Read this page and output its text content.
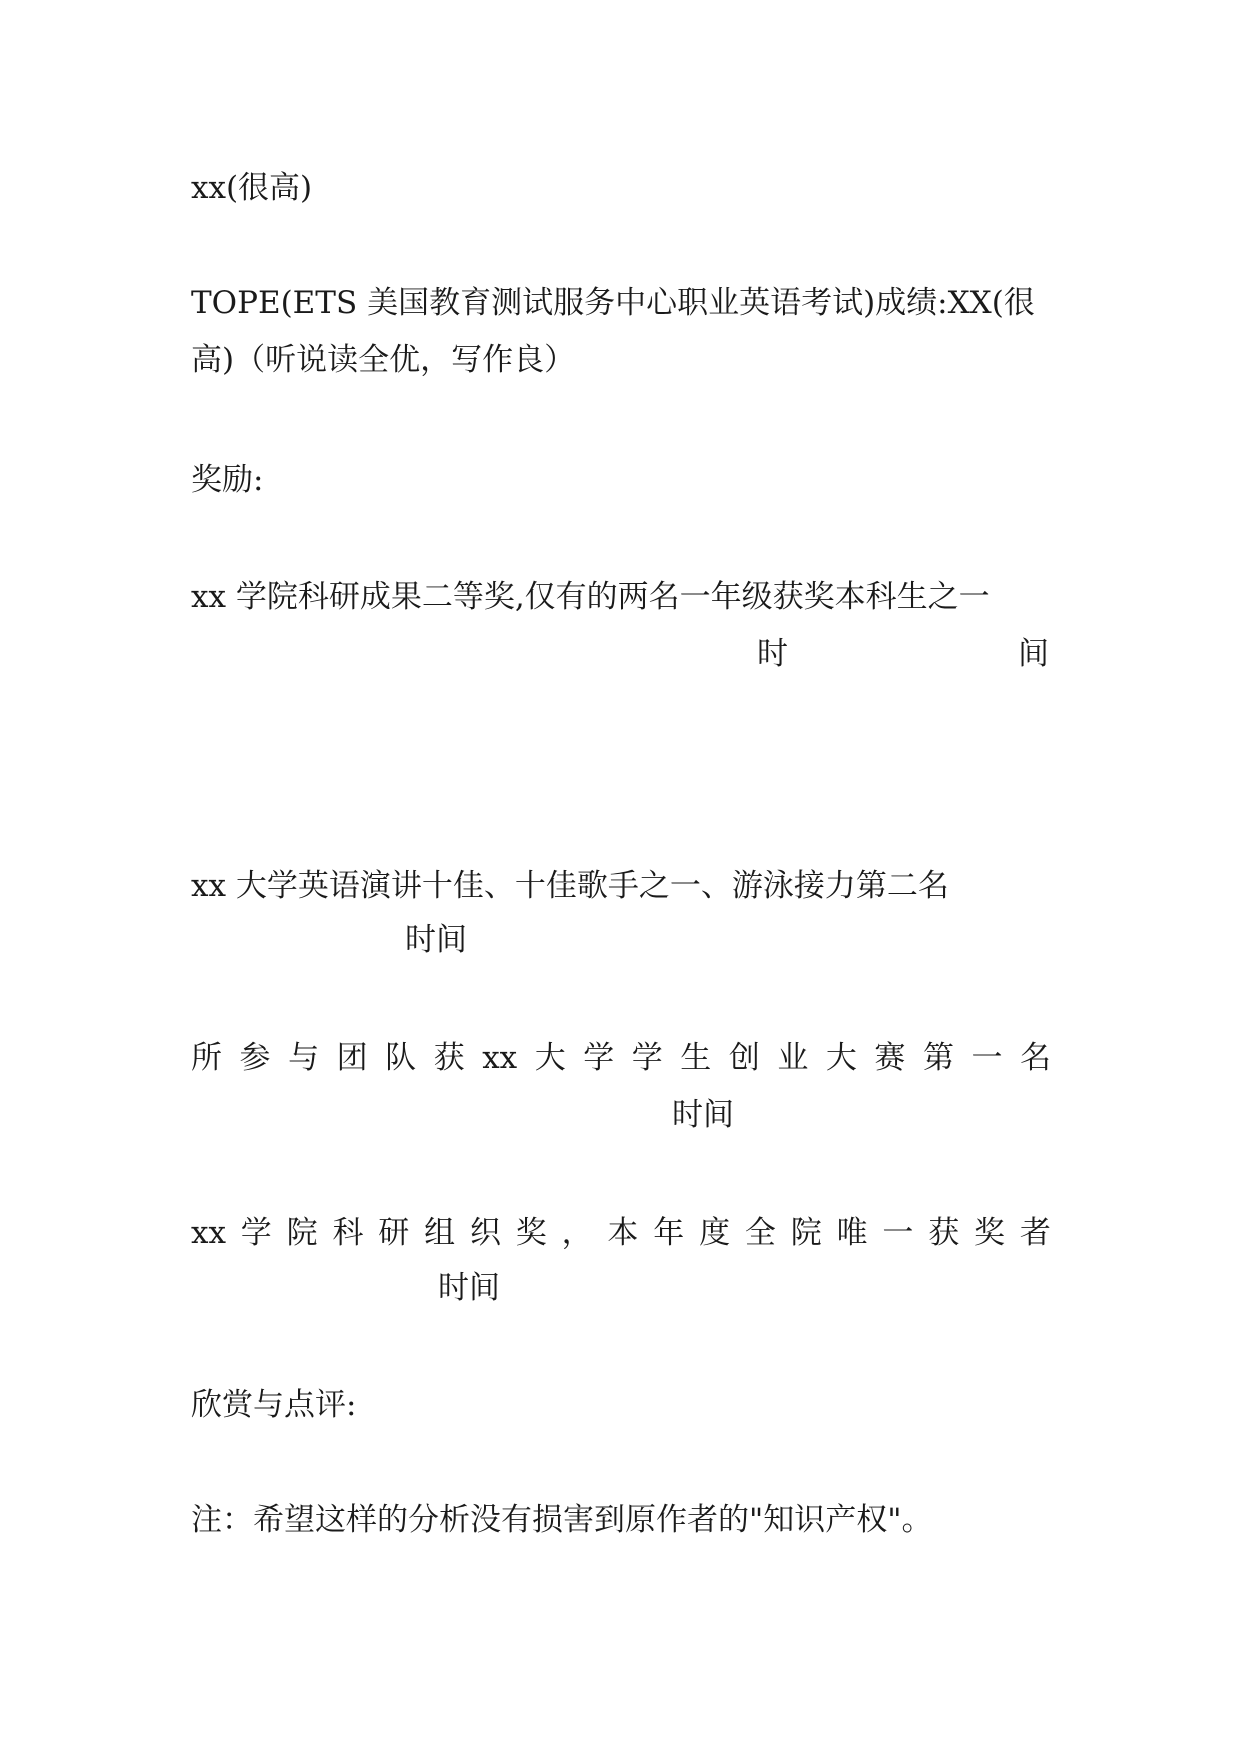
xx(很高)
TOPE(ETS 美国教育测试服务中心职业英语考试)成绩:XX(很
高)（听说读全优，写作良）
奖励:
xx 学院科研成果二等奖,仅有的两名一年级获奖本科生之一
时	间
xx 大学英语演讲十佳、十佳歌手之一、游泳接力第二名
时间
所 参 与 团 队 获 xx 大 学 学 生 创 业 大 赛 第 一 名
时间
xx 学 院 科 研 组 织 奖 ， 本 年 度 全 院 唯 一 获 奖 者
时间
欣赏与点评:
注：希望这样的分析没有损害到原作者的"知识产权"。
